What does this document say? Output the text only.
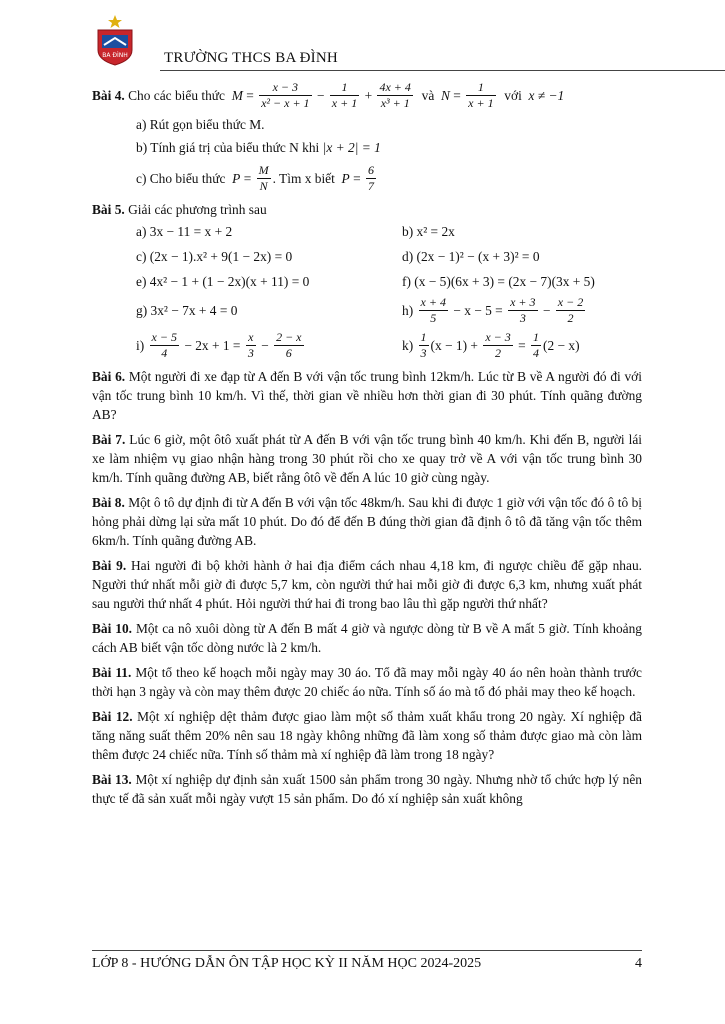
BA ĐÌNH TRƯỜNG THCS BA ĐÌNH
Bài 4.
Cho các biểu thức
$M = \frac{x - 3}{\text{x² − x + 1}} - \frac{1}{x + 1} + \frac{4x + 4}{\text{x³ + 1}}$
và
$N = \frac{1}{x + 1}$
với
x ≠ −1

a) Rút gọn biểu thức M.

b) Tính giá trị của biểu thức N khi |x + 2| = 1

c) Cho biểu thức
$P = \frac{M}{N}$ . Tìm x biết
$P = \frac{6}{7}$

Bài 5. Giải các phương trình sau

a) 3x − 11 = x + 2	b) x² = 2x
c) (2x − 1).x² + 9(1 − 2x) = 0	d) (2x − 1)² − (x + 3)² = 0
e) 4x² − 1 + (1 − 2x)(x + 11) = 0	f) (x − 5)(6x + 3) = (2x − 7)(3x + 5)
g) 3x² − 7x + 4 = 0	h)
$\frac{x + 4}{5} - x - 5 = \frac{x + 3}{3} - \frac{x - 2}{2}$
i)
$\frac{x - 5}{4} - 2x + 1 = \frac{x}{3} - \frac{2 - x}{6}$	k)
$\frac{1}{3} (x - 1) + \frac{x - 3}{2} = \frac{1}{4} (2 - x)$

Bài 6. Một người đi xe đạp từ A đến B với vận tốc trung bình 12km/h. Lúc từ B về A người đó đi với vận tốc trung bình 10 km/h. Vì thế, thời gian về nhiều hơn thời gian đi 30 phút. Tính quãng đường AB?

Bài 7. Lúc 6 giờ, một ôtô xuất phát từ A đến B với vận tốc trung bình 40 km/h. Khi đến B, người lái xe làm nhiệm vụ giao nhận hàng trong 30 phút rồi cho xe quay trở về A với vận tốc trung bình 30 km/h. Tính quãng đường AB, biết rằng ôtô về đến A lúc 10 giờ cùng ngày.

Bài 8. Một ô tô dự định đi từ A đến B với vận tốc 48km/h. Sau khi đi được 1 giờ với vận tốc đó ô tô bị hỏng phải dừng lại sửa mất 10 phút. Do đó để đến B đúng thời gian đã định ô tô đã tăng vận tốc thêm 6km/h. Tính quãng đường AB.

Bài 9. Hai người đi bộ khởi hành ở hai địa điểm cách nhau 4,18 km, đi ngược chiều để gặp nhau. Người thứ nhất mỗi giờ đi được 5,7 km, còn người thứ hai mỗi giờ đi được 6,3 km, nhưng xuất phát sau người thứ nhất 4 phút. Hỏi người thứ hai đi trong bao lâu thì gặp người thứ nhất?

Bài 10. Một ca nô xuôi dòng từ A đến B mất 4 giờ và ngược dòng từ B về A mất 5 giờ. Tính khoảng cách AB biết vận tốc dòng nước là 2 km/h.

Bài 11. Một tổ theo kế hoạch mỗi ngày may 30 áo. Tổ đã may mỗi ngày 40 áo nên hoàn thành trước thời hạn 3 ngày và còn may thêm được 20 chiếc áo nữa. Tính số áo mà tổ đó phải may theo kế hoạch.

Bài 12. Một xí nghiệp dệt thảm được giao làm một số thảm xuất khẩu trong 20 ngày. Xí nghiệp đã tăng năng suất thêm 20% nên sau 18 ngày không những đã làm xong số thảm được giao mà còn làm thêm được 24 chiếc nữa. Tính số thảm mà xí nghiệp đã làm trong 18 ngày?

Bài 13. Một xí nghiệp dự định sản xuất 1500 sản phẩm trong 30 ngày. Nhưng nhờ tổ chức hợp lý nên thực tế đã sản xuất mỗi ngày vượt 15 sản phẩm. Do đó xí nghiệp sản xuất không

LỚP 8 - HƯỚNG DẪN ÔN TẬP HỌC KỲ II NĂM HỌC 2024-2025	4
